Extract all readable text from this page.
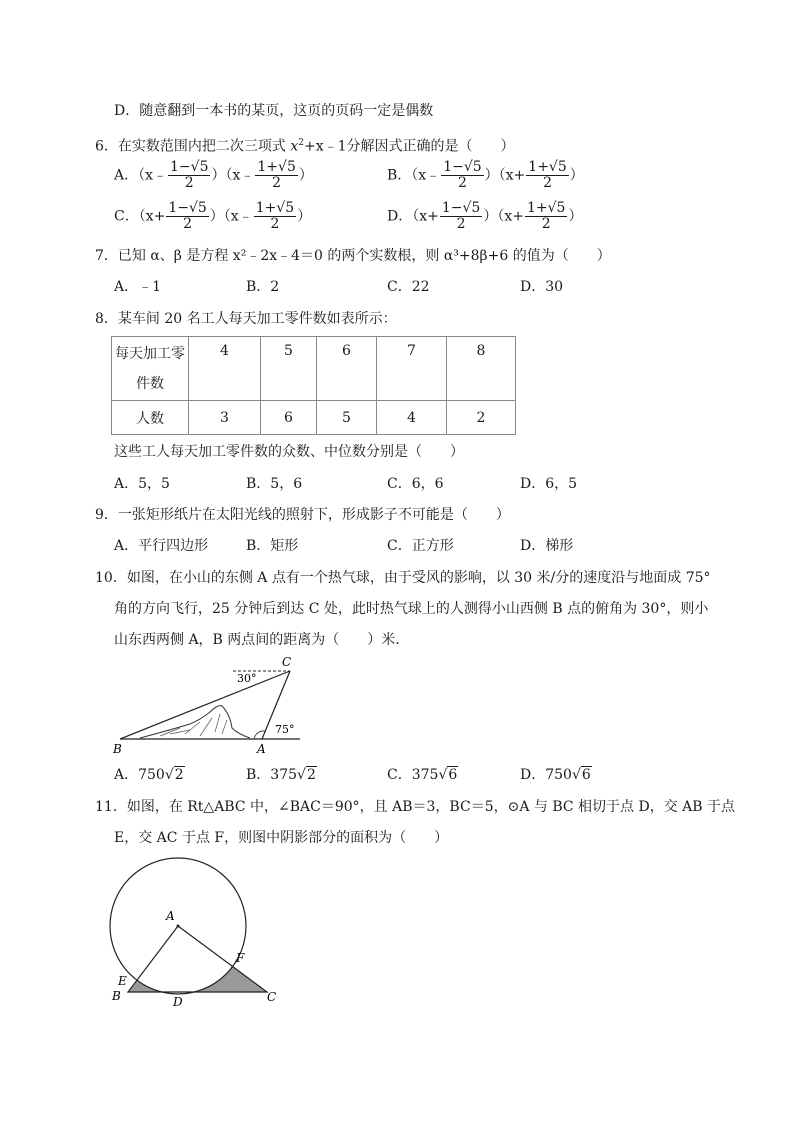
D．随意翻到一本书的某页，这页的页码一定是偶数
6．在实数范围内把二次三项式 $x^2+x﹣1$分解因式正确的是（　　）
A．（x﹣ $\frac{1-√5}{2}$ ）（x﹣ $\frac{1+√5}{2}$ ）	B．（x﹣ $\frac{1-√5}{2} )(x+ \frac{1+√5}{2}$ ）
C．（$x+ \frac{1-√5}{2}$ ）（x﹣ $\frac{1+√5}{2}$ ）	D．$(x+ \frac{1-√5}{2} )(x+ \frac{1+√5}{2}$ ）
7．已知 α、β 是方程 x²﹣2x﹣4＝0 的两个实数根，则 α³+8β+6 的值为（　　）
A．﹣1	B．2	C．22	D．30
8．某车间 20 名工人每天加工零件数如表所示：
每天加工零
件数	4	5	6	7	8
人数	3	6	5	4	2
这些工人每天加工零件数的众数、中位数分别是（　　）
A．5，5	B．5，6	C．6，6	D．6，5
9．一张矩形纸片在太阳光线的照射下，形成影子不可能是（　　）
A．平行四边形	B．矩形	C．正方形	D．梯形
10．如图，在小山的东侧 A 点有一个热气球，由于受风的影响，以 30 米/分的速度沿与地面成 75°
角的方向飞行，25 分钟后到达 C 处，此时热气球上的人测得小山西侧 B 点的俯角为 30°，则小
山东西两侧 A，B 两点间的距离为（　　）米．
C
30°
75°
B	A
A．750√2	B．375√2	C．375√6	D．750√6
11．如图，在 Rt△ABC 中，∠BAC＝90°，且 AB＝3，BC＝5，⊙A 与 BC 相切于点 D，交 AB 于点
E，交 AC 于点 F，则图中阴影部分的面积为（　　）
A
E
F
B	D	C
